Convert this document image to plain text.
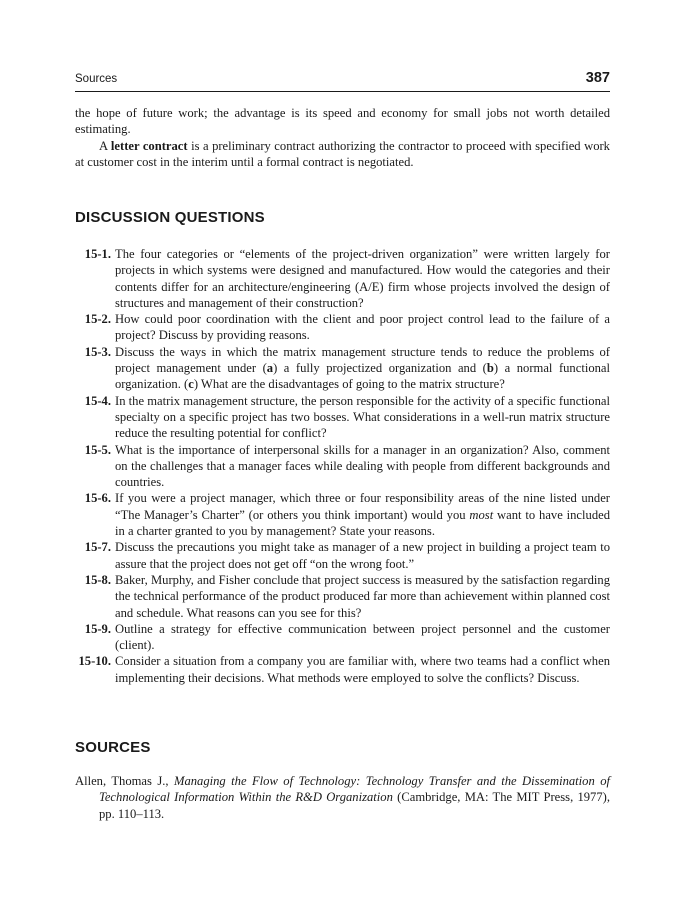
Sources	387

the hope of future work; the advantage is its speed and economy for small jobs not worth detailed estimating.

A letter contract is a preliminary contract authorizing the contractor to proceed with specified work at customer cost in the interim until a formal contract is negotiated.

DISCUSSION QUESTIONS
15-1. The four categories or “elements of the project-driven organization” were written largely for projects in which systems were designed and manufactured. How would the categories and their contents differ for an architecture/engineering (A/E) firm whose projects involved the design of structures and management of their construction?
15-2. How could poor coordination with the client and poor project control lead to the failure of a project? Discuss by providing reasons.
15-3. Discuss the ways in which the matrix management structure tends to reduce the problems of project management under (a) a fully projectized organization and (b) a normal functional organization. (c) What are the disadvantages of going to the matrix structure?
15-4. In the matrix management structure, the person responsible for the activity of a specific functional specialty on a specific project has two bosses. What considerations in a well-run matrix structure reduce the resulting potential for conflict?
15-5. What is the importance of interpersonal skills for a manager in an organization? Also, comment on the challenges that a manager faces while dealing with people from different backgrounds and countries.
15-6. If you were a project manager, which three or four responsibility areas of the nine listed under “The Manager’s Charter” (or others you think important) would you most want to have included in a charter granted to you by management? State your reasons.
15-7. Discuss the precautions you might take as manager of a new project in building a project team to assure that the project does not get off “on the wrong foot.”
15-8. Baker, Murphy, and Fisher conclude that project success is measured by the satisfaction regarding the technical performance of the product produced far more than achievement within planned cost and schedule. What reasons can you see for this?
15-9. Outline a strategy for effective communication between project personnel and the customer (client).
15-10. Consider a situation from a company you are familiar with, where two teams had a conflict when implementing their decisions. What methods were employed to solve the conflicts? Discuss.
SOURCES

Allen, Thomas J., Managing the Flow of Technology: Technology Transfer and the Dissemination of Technological Information Within the R&D Organization (Cambridge, MA: The MIT Press, 1977), pp. 110–113.
